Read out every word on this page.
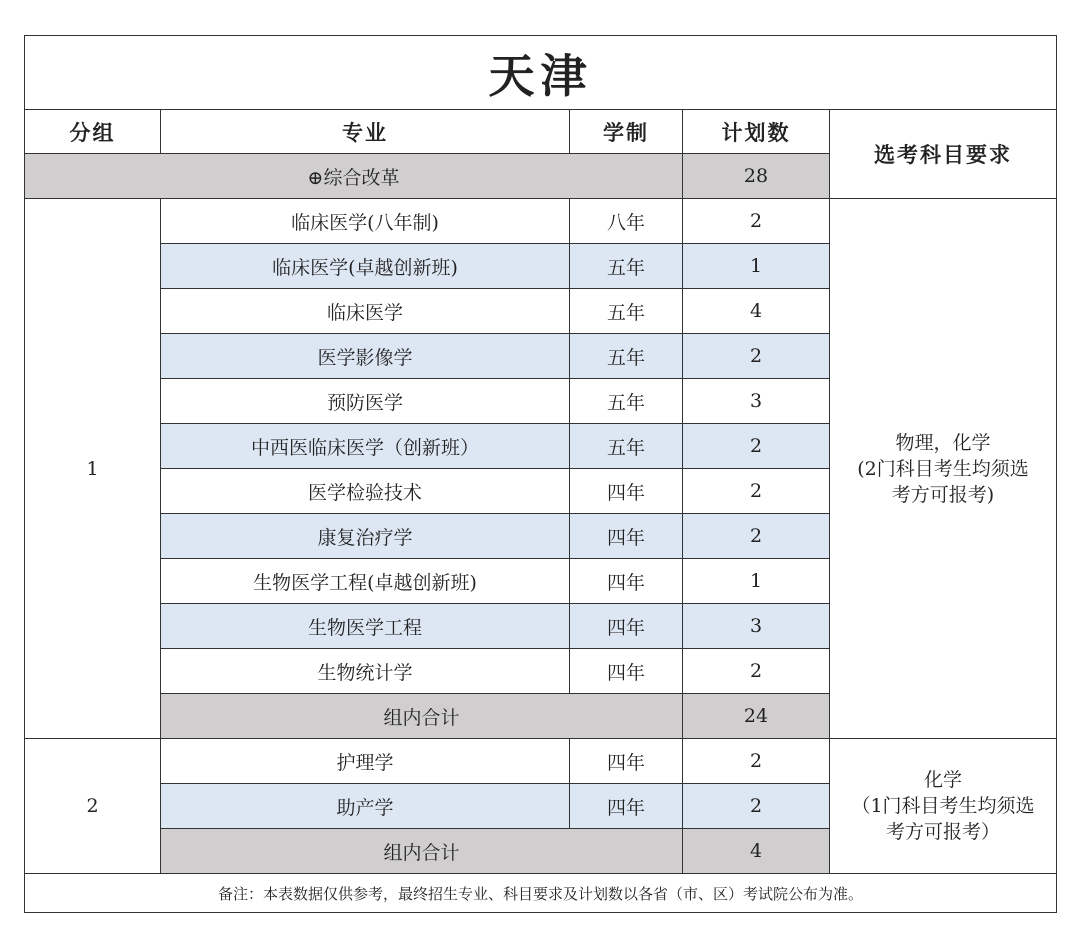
天津				
分组	专业	学制	计划数	选考科目要求
⊕综合改革			28	
1	临床医学(八年制)	八年	2	物理，化学
(2门科目考生均须选
考方可报考)

	临床医学(卓越创新班)	五年	1	
	临床医学	五年	4	
	医学影像学	五年	2	
	预防医学	五年	3	
	中西医临床医学（创新班）	五年	2	
	医学检验技术	四年	2	
	康复治疗学	四年	2	
	生物医学工程(卓越创新班)	四年	1	
	生物医学工程	四年	3	
	生物统计学	四年	2	
	组内合计		24	
2	护理学	四年	2	化学
（1门科目考生均须选
考方可报考）

	助产学	四年	2	
	组内合计		4	
备注：本表数据仅供参考，最终招生专业、科目要求及计划数以各省（市、区）考试院公布为准。				
